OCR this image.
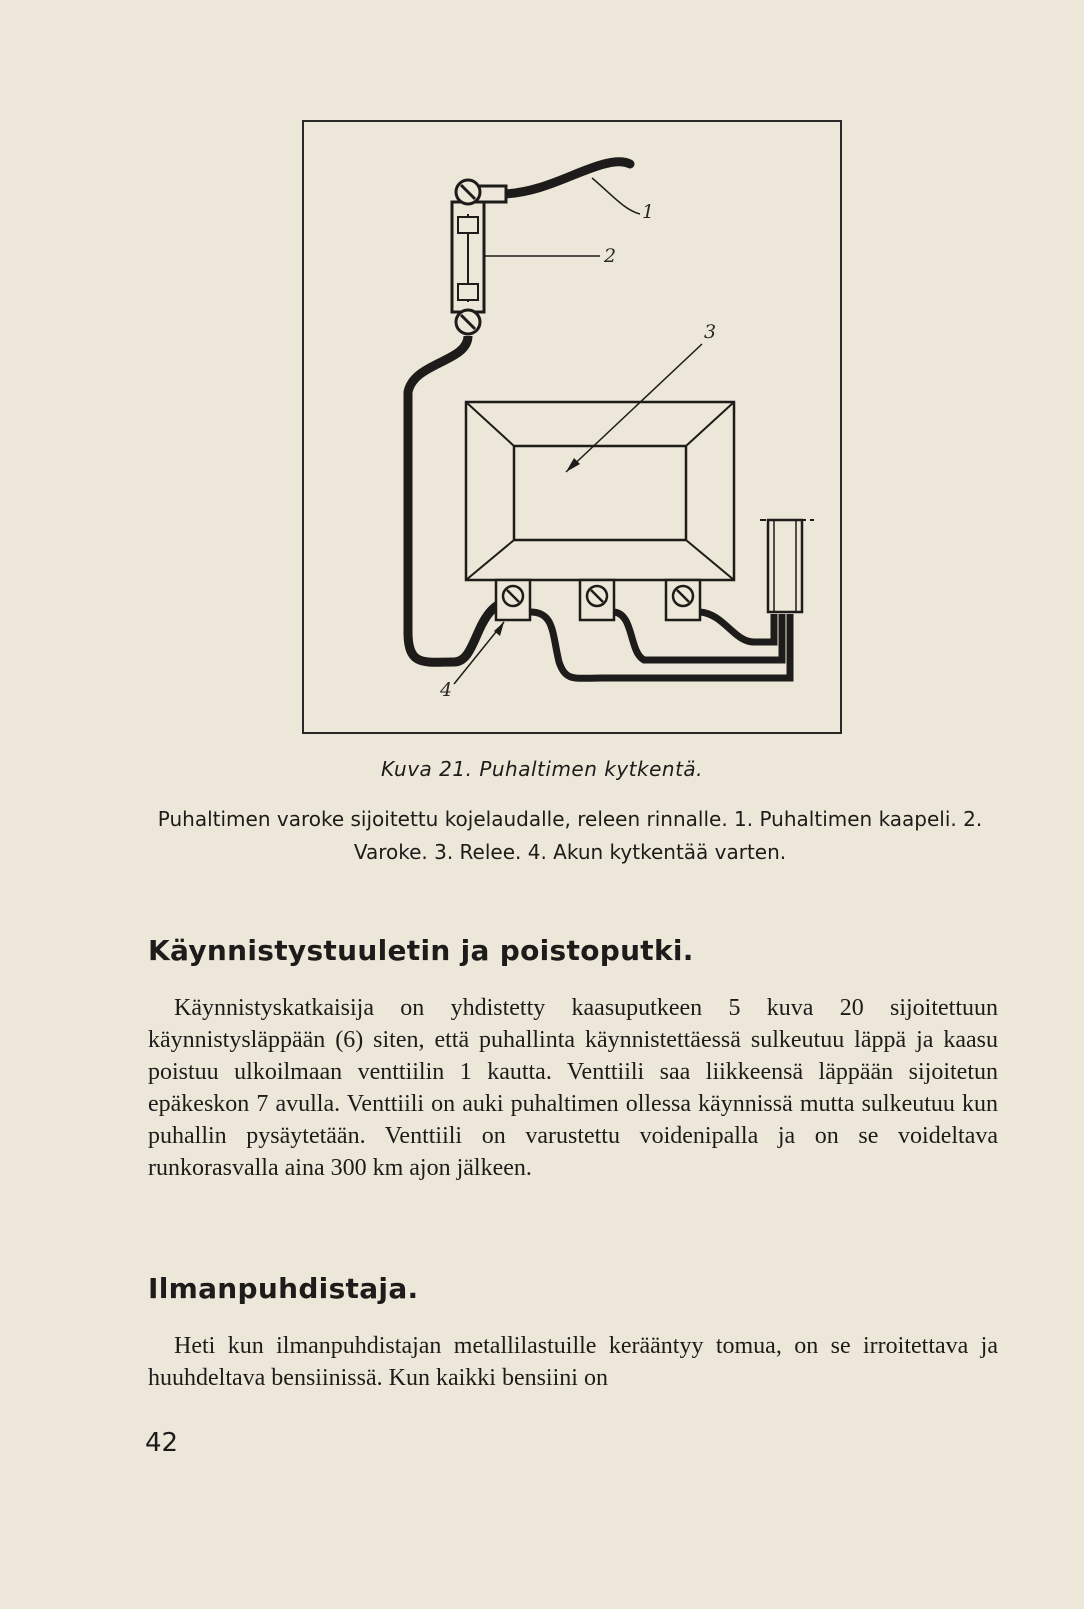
1
2
3
4
Kuva 21. Puhaltimen kytkentä.
Puhaltimen varoke sijoitettu kojelaudalle, releen rinnalle. 1. Puhaltimen kaapeli. 2. Varoke. 3. Relee. 4. Akun kytkentää varten.
Käynnistystuuletin ja poistoputki.

Käynnistyskatkaisija on yhdistetty kaasuputkeen 5 kuva 20 sijoitettuun käynnistysläppään (6) siten, että puhallinta käynnistettäessä sulkeutuu läppä ja kaasu poistuu ulkoilmaan venttiilin 1 kautta. Venttiili saa liikkeensä läppään sijoitetun epäkeskon 7 avulla. Venttiili on auki puhaltimen ollessa käynnissä mutta sulkeutuu kun puhallin pysäytetään. Venttiili on varustettu voidenipalla ja on se voideltava runkorasvalla aina 300 km ajon jälkeen.

Ilmanpuhdistaja.

Heti kun ilmanpuhdistajan metallilastuille kerääntyy tomua, on se irroitettava ja huuhdeltava bensiinissä. Kun kaikki bensiini on

42
